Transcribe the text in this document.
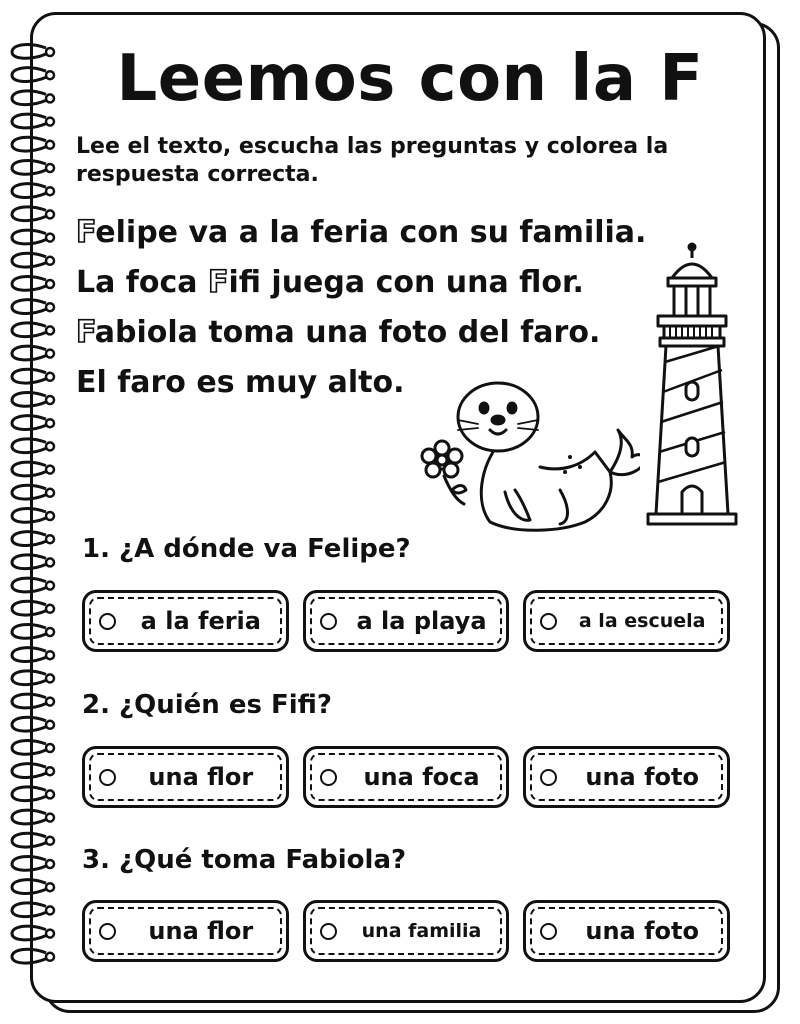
Leemos con la F
Lee el texto, escucha las preguntas y colorea la respuesta correcta.
Felipe va a la feria con su familia.
La foca Fifi juega con una flor.
Fabiola toma una foto del faro.
El faro es muy alto.
1. ¿A dónde va Felipe?
a la feria	a la playa	a la escuela
2. ¿Quién es Fifi?
una flor	una foca	una foto
3. ¿Qué toma Fabiola?
una flor	una familia	una foto
